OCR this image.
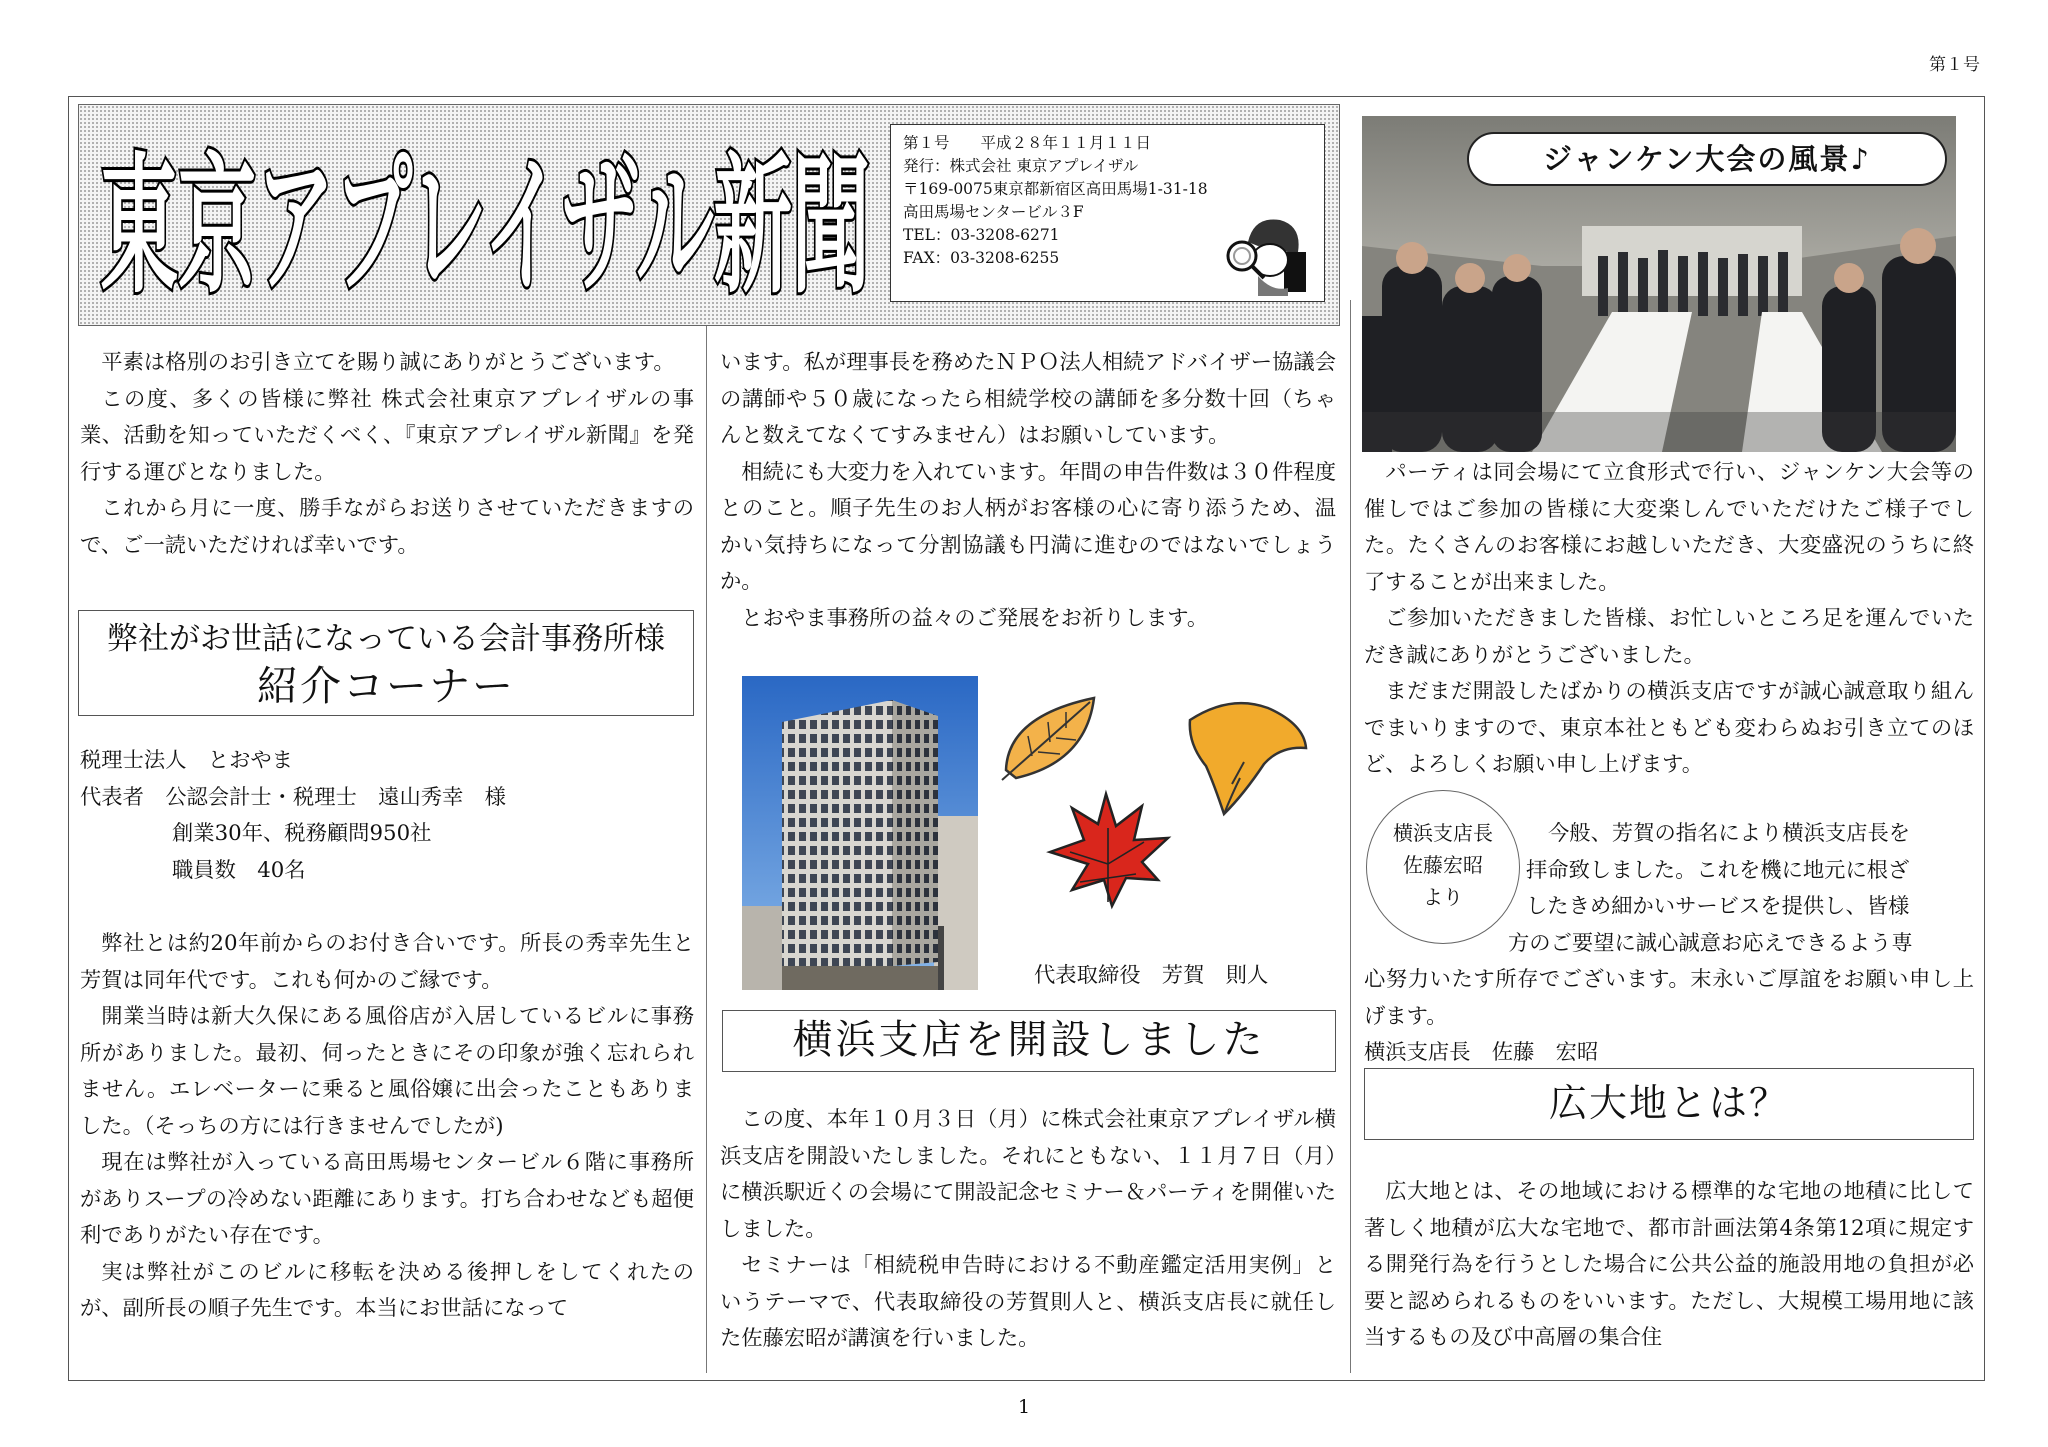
第１号
東京アプレイザル新聞 第１号　　平成２８年１１月１１日
発行：株式会社 東京アプレイザル
〒169-0075東京都新宿区高田馬場1-31-18
高田馬場センタービル３F
TEL：03-3208-6271
FAX：03-3208-6255

平素は格別のお引き立てを賜り誠にありがとうございます。

この度、多くの皆様に弊社 株式会社東京アプレイザルの事業、活動を知っていただくべく、『東京アプレイザル新聞』を発行する運びとなりました。

これから月に一度、勝手ながらお送りさせていただきますので、ご一読いただければ幸いです。

弊社がお世話になっている会計事務所様
紹介コーナー

税理士法人　とおやま

代表者　公認会計士・税理士　遠山秀幸　様

創業30年、税務顧問950社

職員数　40名

弊社とは約20年前からのお付き合いです。所長の秀幸先生と芳賀は同年代です。これも何かのご縁です。

開業当時は新大久保にある風俗店が入居しているビルに事務所がありました。最初、伺ったときにその印象が強く忘れられません。エレベーターに乗ると風俗嬢に出会ったこともありました。（そっちの方には行きませんでしたが)

現在は弊社が入っている高田馬場センタービル６階に事務所がありスープの冷めない距離にあります。打ち合わせなども超便利でありがたい存在です。

実は弊社がこのビルに移転を決める後押しをしてくれたのが、副所長の順子先生です。本当にお世話になって

います。私が理事長を務めたＮＰＯ法人相続アドバイザー協議会の講師や５０歳になったら相続学校の講師を多分数十回（ちゃんと数えてなくてすみません）はお願いしています。

相続にも大変力を入れています。年間の申告件数は３０件程度とのこと。順子先生のお人柄がお客様の心に寄り添うため、温かい気持ちになって分割協議も円満に進むのではないでしょうか。

とおやま事務所の益々のご発展をお祈りします。

代表取締役　芳賀　則人
横浜支店を開設しました

この度、本年１０月３日（月）に株式会社東京アプレイザル横浜支店を開設いたしました。それにともない、１１月７日（月）に横浜駅近くの会場にて開設記念セミナー＆パーティを開催いたしました。

セミナーは「相続税申告時における不動産鑑定活用実例」というテーマで、代表取締役の芳賀則人と、横浜支店長に就任した佐藤宏昭が講演を行いました。

ジャンケン大会の風景♪

パーティは同会場にて立食形式で行い、ジャンケン大会等の催しではご参加の皆様に大変楽しんでいただけたご様子でした。たくさんのお客様にお越しいただき、大変盛況のうちに終了することが出来ました。

ご参加いただきました皆様、お忙しいところ足を運んでいただき誠にありがとうございました。

まだまだ開設したばかりの横浜支店ですが誠心誠意取り組んでまいりますので、東京本社ともども変わらぬお引き立てのほど、よろしくお願い申し上げます。

横浜支店長
佐藤宏昭
より
今般、芳賀の指名により横浜支店長を
拝命致しました。これを機に地元に根ざ
したきめ細かいサービスを提供し、皆様
方のご要望に誠心誠意お応えできるよう専
心努力いたす所存でございます。末永いご厚誼をお願い申し上げます。
横浜支店長　佐藤　宏昭
広大地とは？

広大地とは、その地域における標準的な宅地の地積に比して著しく地積が広大な宅地で、都市計画法第4条第12項に規定する開発行為を行うとした場合に公共公益的施設用地の負担が必要と認められるものをいいます。ただし、大規模工場用地に該当するもの及び中高層の集合住

1
